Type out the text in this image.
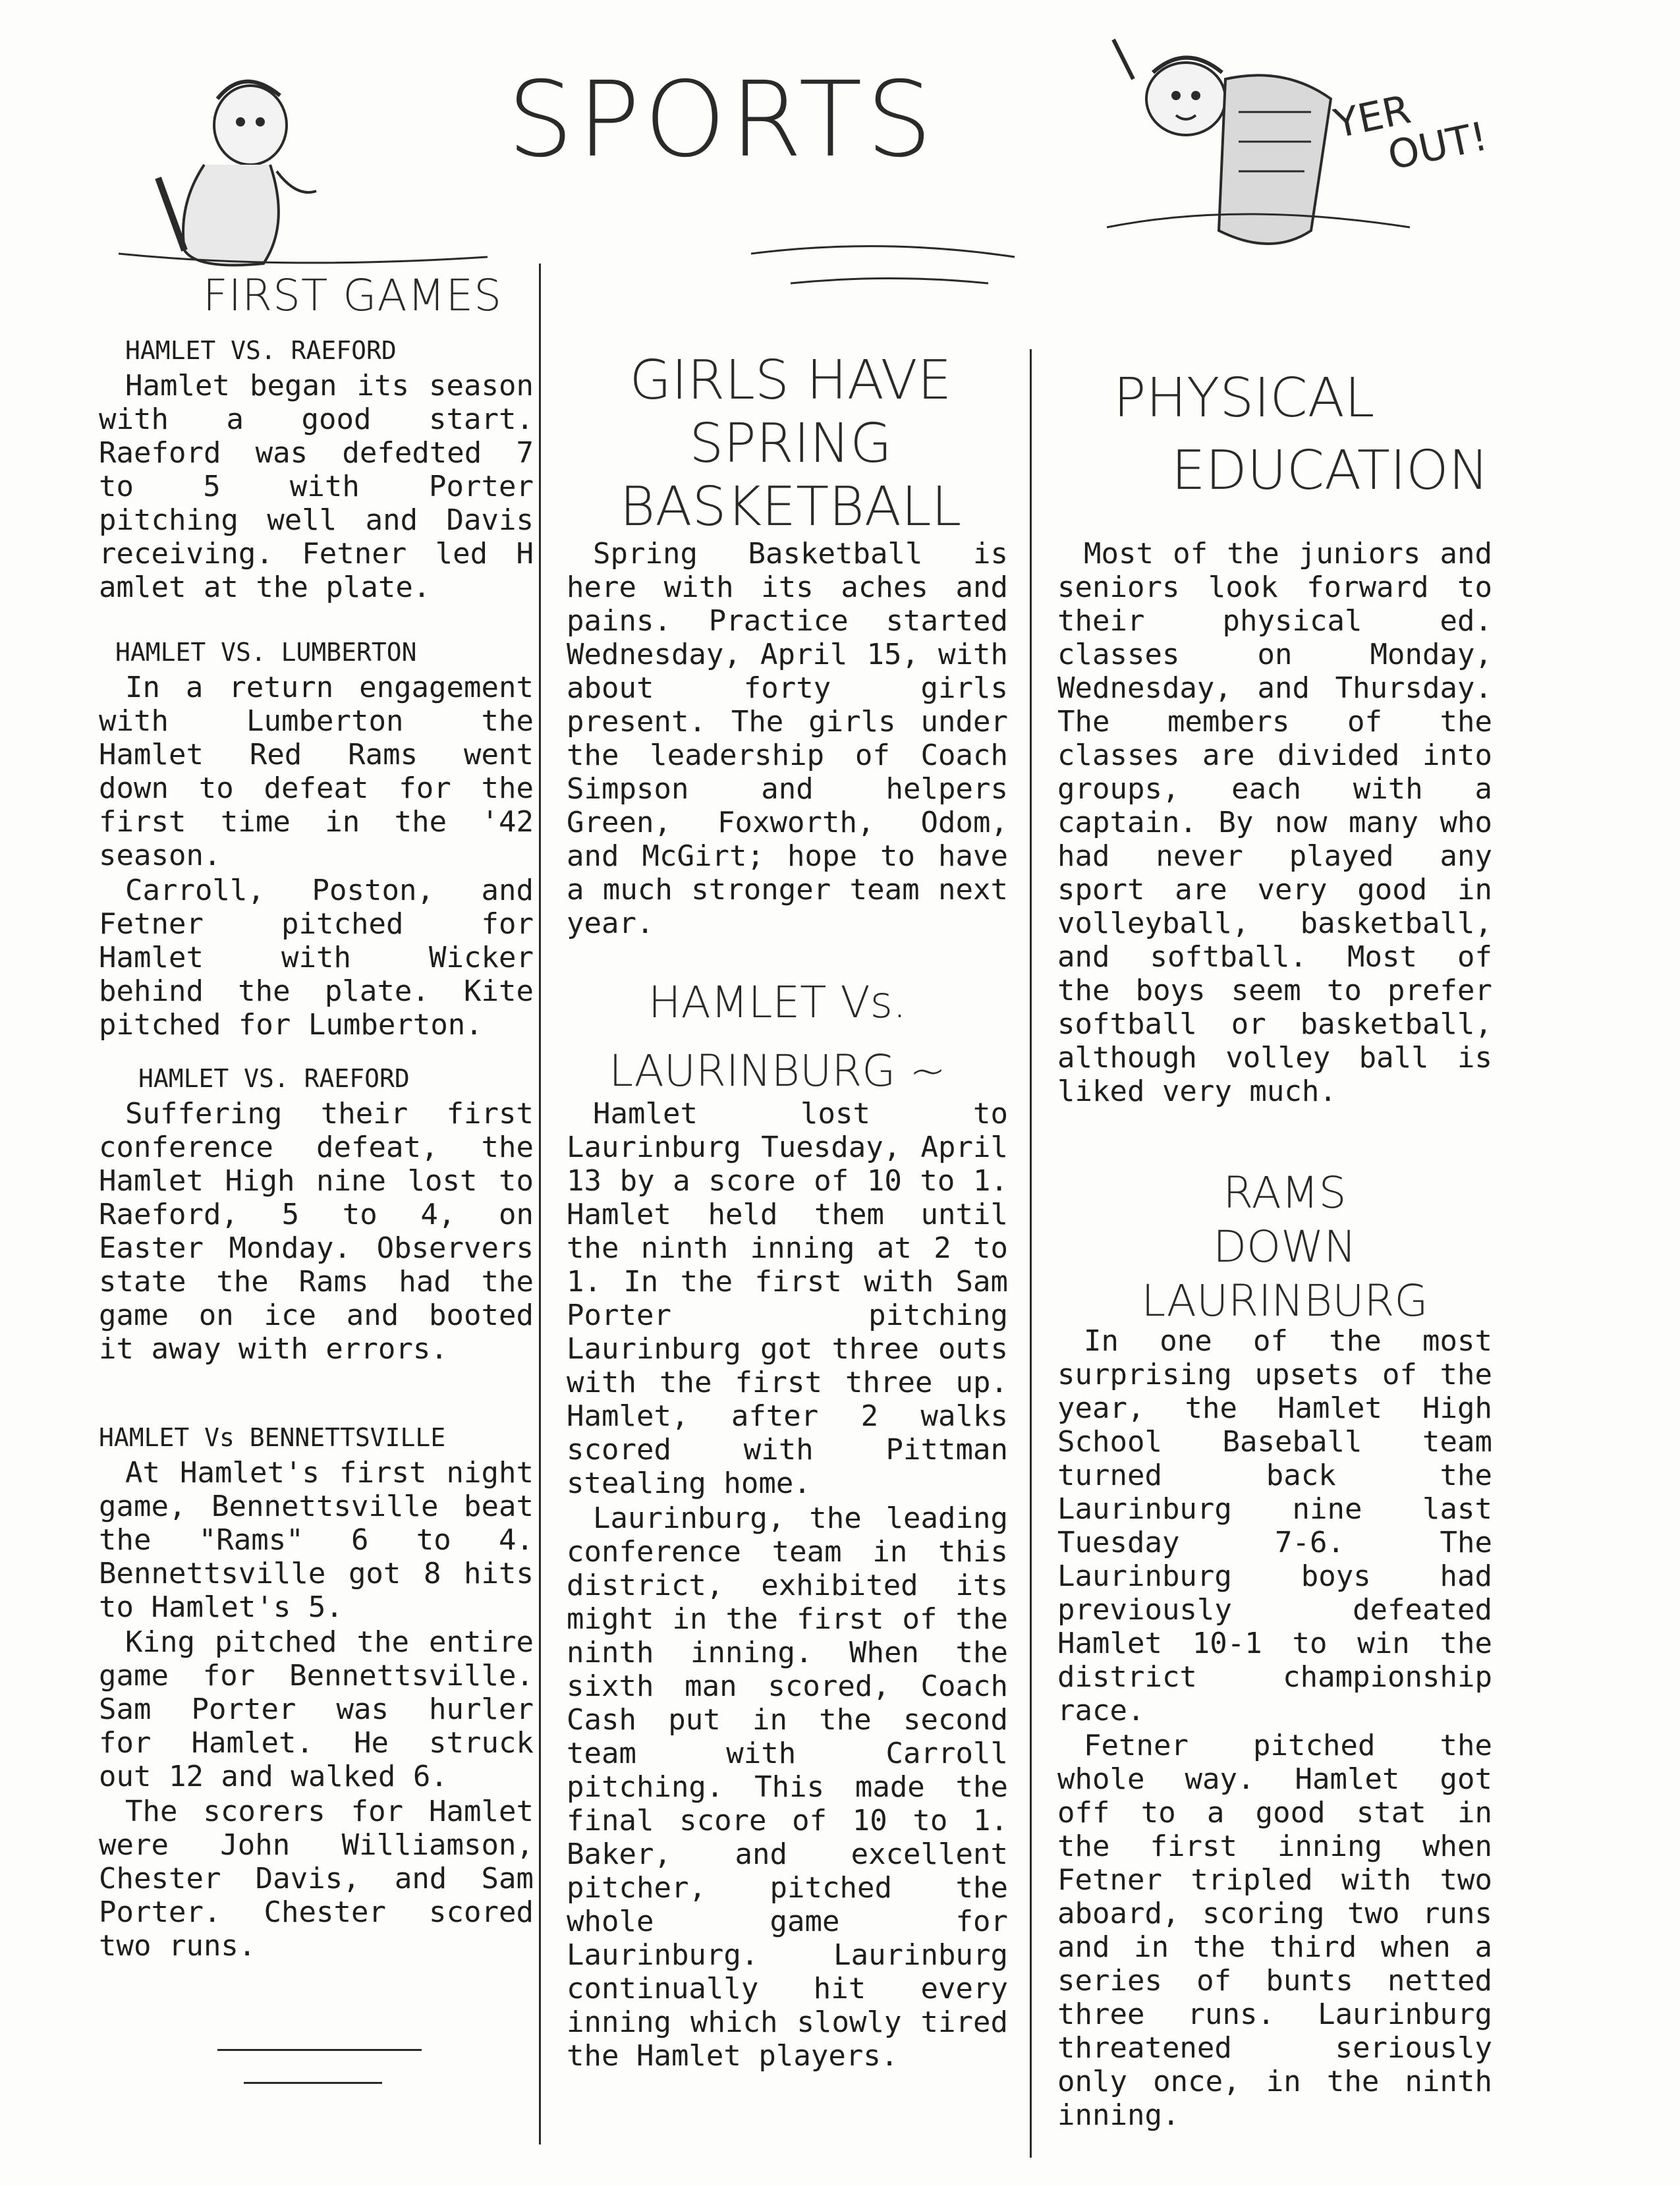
SPORTS	YER
OUT!
FIRST GAMES

HAMLET VS. RAEFORD

Hamlet began its season with a good start. Raeford was defedted 7 to 5 with Porter pitching well and Davis receiving. Fetner led H amlet at the plate.

HAMLET VS. LUMBERTON

In a return engagement with Lumberton the Hamlet Red Rams went down to defeat for the first time in the '42 season.

Carroll, Poston, and Fetner pitched for Hamlet with Wicker behind the plate. Kite pitched for Lumberton.

HAMLET VS. RAEFORD

Suffering their first conference defeat, the Hamlet High nine lost to Raeford, 5 to 4, on Easter Monday. Observers state the Rams had the game on ice and booted it away with errors.

HAMLET Vs BENNETTSVILLE

At Hamlet's first night game, Bennettsville beat the "Rams" 6 to 4. Bennettsville got 8 hits to Hamlet's 5.

King pitched the entire game for Bennettsville. Sam Porter was hurler for Hamlet. He struck out 12 and walked 6.

The scorers for Hamlet were John Williamson, Chester Davis, and Sam Porter. Chester scored two runs.

GIRLS HAVE
SPRING
BASKETBALL

Spring Basketball is here with its aches and pains. Practice started Wednesday, April 15, with about forty girls present. The girls under the leadership of Coach Simpson and helpers Green, Foxworth, Odom, and McGirt; hope to have a much stronger team next year.

HAMLET Vs.
LAURINBURG ~

Hamlet lost to Laurinburg Tuesday, April 13 by a score of 10 to 1. Hamlet held them until the ninth inning at 2 to 1. In the first with Sam Porter pitching Laurinburg got three outs with the first three up. Hamlet, after 2 walks scored with Pittman stealing home.

Laurinburg, the leading conference team in this district, exhibited its might in the first of the ninth inning. When the sixth man scored, Coach Cash put in the second team with Carroll pitching. This made the final score of 10 to 1. Baker, and excellent pitcher, pitched the whole game for Laurinburg. Laurinburg continually hit every inning which slowly tired the Hamlet players.

PHYSICAL
EDUCATION

Most of the juniors and seniors look forward to their physical ed. classes on Monday, Wednesday, and Thursday. The members of the classes are divided into groups, each with a captain. By now many who had never played any sport are very good in volleyball, basketball, and softball. Most of the boys seem to prefer softball or basketball, although volley ball is liked very much.

RAMS
DOWN
LAURINBURG

In one of the most surprising upsets of the year, the Hamlet High School Baseball team turned back the Laurinburg nine last Tuesday 7-6. The Laurinburg boys had previously defeated Hamlet 10-1 to win the district championship race.

Fetner pitched the whole way. Hamlet got off to a good stat in the first inning when Fetner tripled with two aboard, scoring two runs and in the third when a series of bunts netted three runs. Laurinburg threatened seriously only once, in the ninth inning.
